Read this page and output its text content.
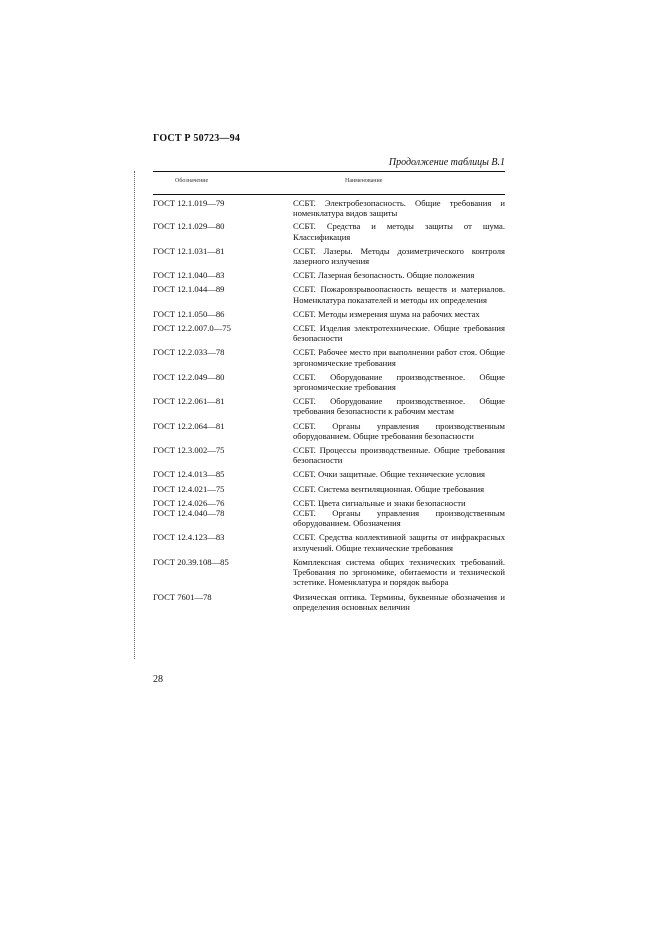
ГОСТ Р 50723—94
Продолжение таблицы В.1
Обозначение	Наименование
ГОСТ 12.1.019—79	ССБТ. Электробезопасность. Общие требования и номенклатура видов защиты
ГОСТ 12.1.029—80	ССБТ. Средства и методы защиты от шума. Классификация
ГОСТ 12.1.031—81	ССБТ. Лазеры. Методы дозиметрического контроля лазерного излучения
ГОСТ 12.1.040—83	ССБТ. Лазерная безопасность. Общие положения
ГОСТ 12.1.044—89	ССБТ. Пожаровзрывоопасность веществ и материалов. Номенклатура показателей и методы их определения
ГОСТ 12.1.050—86	ССБТ. Методы измерения шума на рабочих местах
ГОСТ 12.2.007.0—75	ССБТ. Изделия электротехнические. Общие требования безопасности
ГОСТ 12.2.033—78	ССБТ. Рабочее место при выполнении работ стоя. Общие эргономические требования
ГОСТ 12.2.049—80	ССБТ. Оборудование производственное. Общие эргономические требования
ГОСТ 12.2.061—81	ССБТ. Оборудование производственное. Общие требования безопасности к рабочим местам
ГОСТ 12.2.064—81	ССБТ. Органы управления производственным оборудованием. Общие требования безопасности
ГОСТ 12.3.002—75	ССБТ. Процессы производственные. Общие требования безопасности
ГОСТ 12.4.013—85	ССБТ. Очки защитные. Общие технические условия
ГОСТ 12.4.021—75	ССБТ. Система вентиляционная. Общие требования
ГОСТ 12.4.026—76	ССБТ. Цвета сигнальные и знаки безопасности
ГОСТ 12.4.040—78	ССБТ. Органы управления производственным оборудованием. Обозначения
ГОСТ 12.4.123—83	ССБТ. Средства коллективной защиты от инфракрасных излучений. Общие технические требования
ГОСТ 20.39.108—85	Комплексная система общих технических требований. Требования по эргономике, обитаемости и технической эстетике. Номенклатура и порядок выбора
ГОСТ 7601—78	Физическая оптика. Термины, буквенные обозначения и определения основных величин
28
